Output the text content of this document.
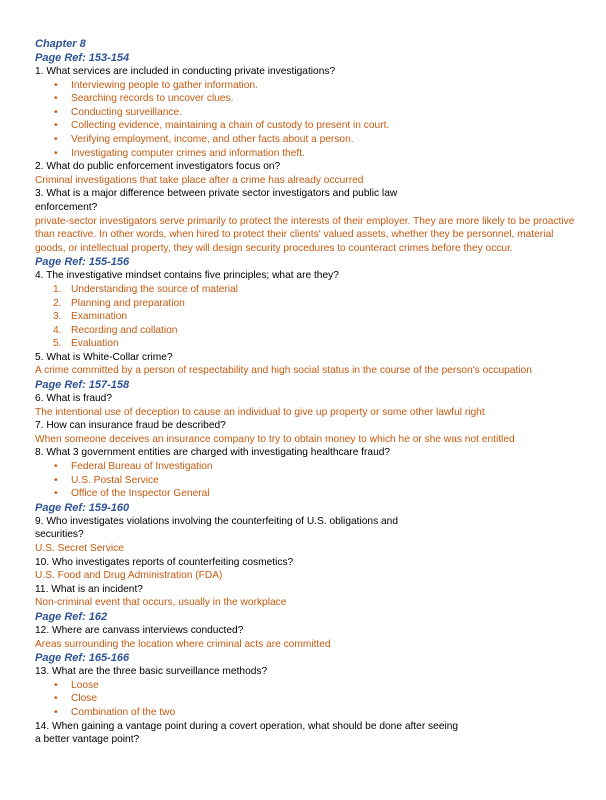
Chapter 8
Page Ref: 153-154
1. What services are included in conducting private investigations?
• Interviewing people to gather information.
• Searching records to uncover clues.
• Conducting surveillance.
• Collecting evidence, maintaining a chain of custody to present in court.
• Verifying employment, income, and other facts about a person.
• Investigating computer crimes and information theft.
2. What do public enforcement investigators focus on?
Criminal investigations that take place after a crime has already occurred
3. What is a major difference between private sector investigators and public law
enforcement?
private-sector investigators serve primarily to protect the interests of their employer. They are more likely to be proactive than reactive. In other words, when hired to protect their clients' valued assets, whether they be personnel, material goods, or intellectual property, they will design security procedures to counteract crimes before they occur.
Page Ref: 155-156
4. The investigative mindset contains five principles; what are they?
1. Understanding the source of material
2. Planning and preparation
3. Examination
4. Recording and collation
5. Evaluation
5. What is White-Collar crime?
A crime committed by a person of respectability and high social status in the course of the person's occupation
Page Ref: 157-158
6. What is fraud?
The intentional use of deception to cause an individual to give up property or some other lawful right
7. How can insurance fraud be described?
When someone deceives an insurance company to try to obtain money to which he or she was not entitled
8. What 3 government entities are charged with investigating healthcare fraud?
• Federal Bureau of Investigation
• U.S. Postal Service
• Office of the Inspector General
Page Ref: 159-160
9. Who investigates violations involving the counterfeiting of U.S. obligations and
securities?
U.S. Secret Service
10. Who investigates reports of counterfeiting cosmetics?
U.S. Food and Drug Administration (FDA)
11. What is an incident?
Non-criminal event that occurs, usually in the workplace
Page Ref: 162
12. Where are canvass interviews conducted?
Areas surrounding the location where criminal acts are committed
Page Ref: 165-166
13. What are the three basic surveillance methods?
• Loose
• Close
• Combination of the two
14. When gaining a vantage point during a covert operation, what should be done after seeing
a better vantage point?
